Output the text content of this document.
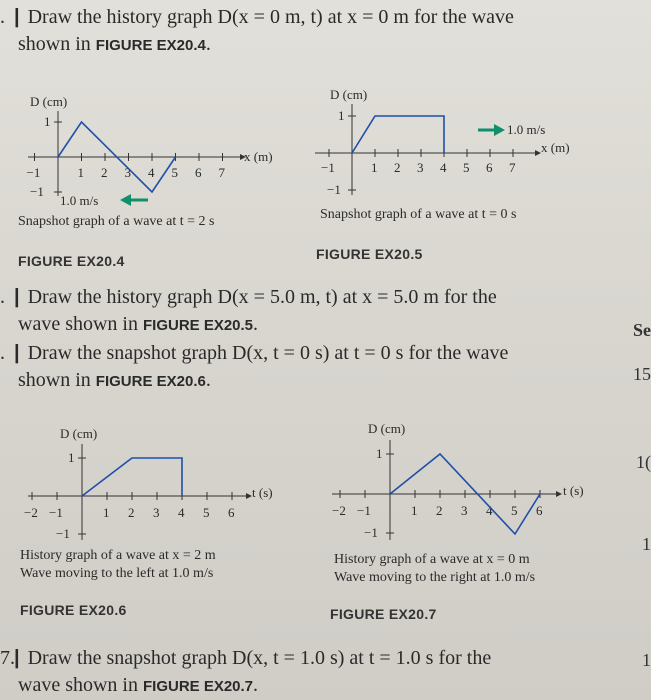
. | Draw the history graph D(x = 0 m, t) at x = 0 m for the wave
shown in FIGURE EX20.4.
D (cm)
1
−1
x (m)
−1	1 2 3 4 5 6 7
1.0 m/s
Snapshot graph of a wave at t = 2 s
FIGURE EX20.4
D (cm)
1
−1
x (m)
−1	1 2 3 4 5 6 7
1.0 m/s
Snapshot graph of a wave at t = 0 s
FIGURE EX20.5
. | Draw the history graph D(x = 5.0 m, t) at x = 5.0 m for the
wave shown in FIGURE EX20.5.
. | Draw the snapshot graph D(x, t = 0 s) at t = 0 s for the wave
shown in FIGURE EX20.6.
D (cm)
1
−1
t (s)
−2 −1	1 2 3 4 5 6
History graph of a wave at x = 2 m
Wave moving to the left at 1.0 m/s
FIGURE EX20.6
D (cm)
1
−1
t (s)
−2 −1	1 2 3 4 5 6
History graph of a wave at x = 0 m
Wave moving to the right at 1.0 m/s
FIGURE EX20.7
7.| Draw the snapshot graph D(x, t = 1.0 s) at t = 1.0 s for the
wave shown in FIGURE EX20.7.
Se
15
1(
1
1
